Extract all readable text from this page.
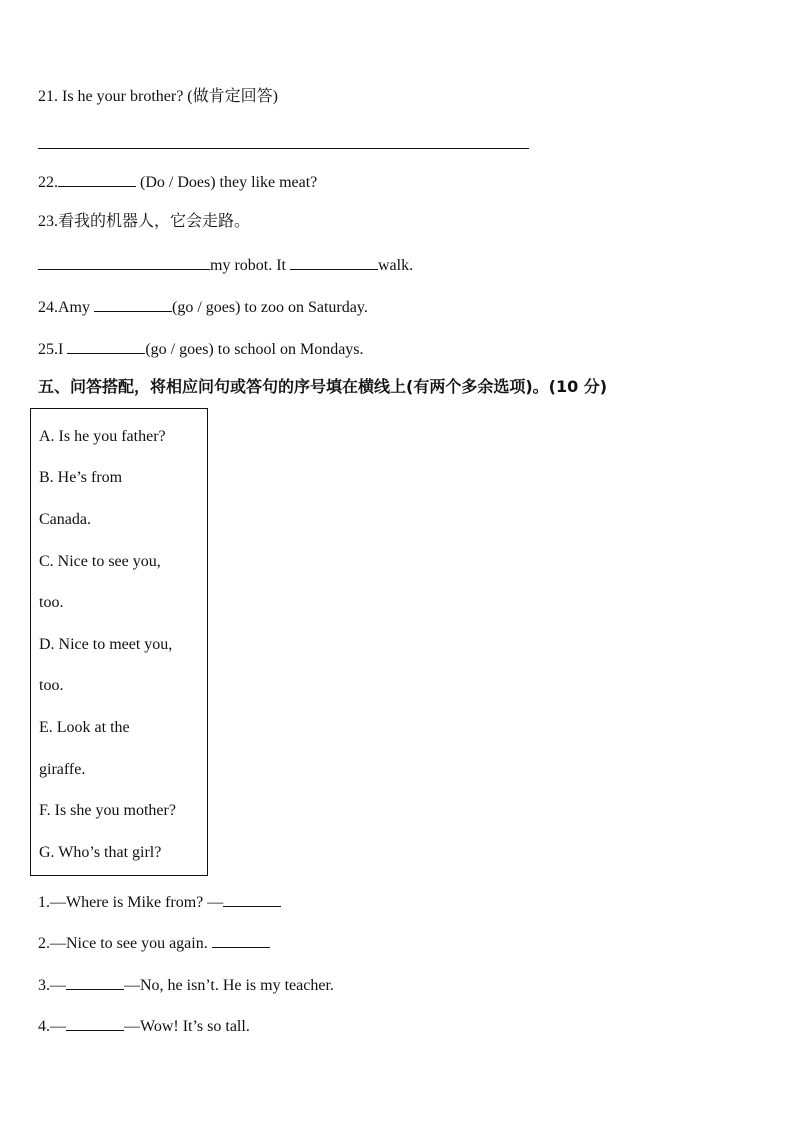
21. Is he your brother? (做肯定回答)
22.	(Do / Does) they like meat?
23.看我的机器人，它会走路。
my robot. It	walk.
24.Amy	(go / goes) to zoo on Saturday.
25.I	(go / goes) to school on Mondays.
五、问答搭配，将相应问句或答句的序号填在横线上(有两个多余选项)。(10 分)
A. Is he you father?
B. He’s from
Canada.
C. Nice to see you,
too.
D. Nice to meet you,
too.
E. Look at the
giraffe.
F. Is she you mother?
G. Who’s that girl?
1.—Where is Mike from? —
2.—Nice to see you again.
3.—	—No, he isn’t. He is my teacher.
4.—	—Wow! It’s so tall.
